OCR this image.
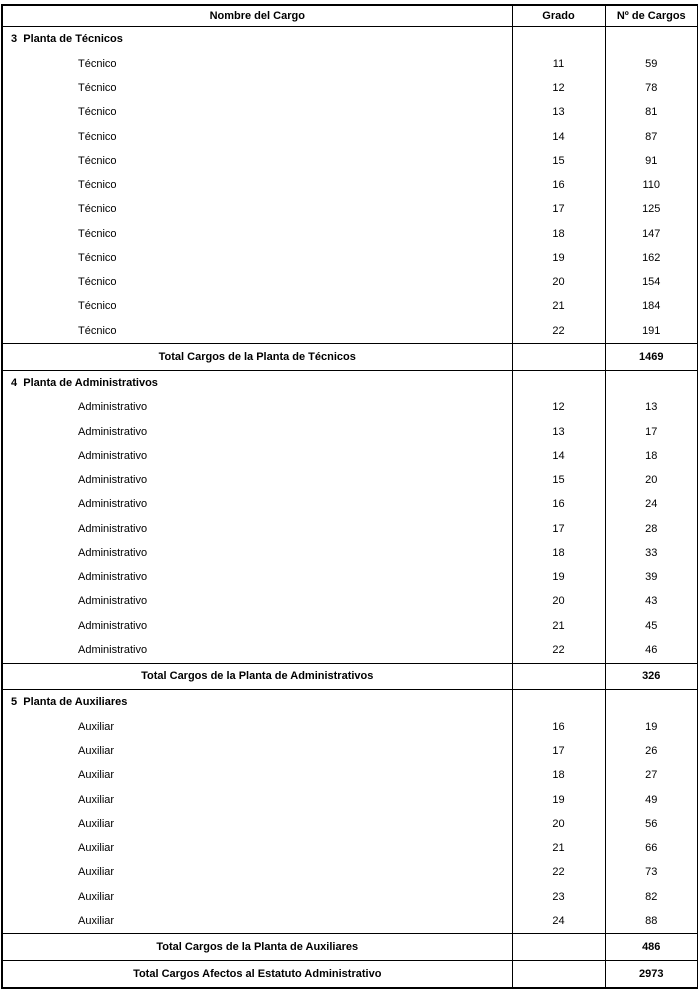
Nombre del Cargo	Grado	Nº de Cargos
3  Planta de Técnicos		
Técnico	11	59
Técnico	12	78
Técnico	13	81
Técnico	14	87
Técnico	15	91
Técnico	16	110
Técnico	17	125
Técnico	18	147
Técnico	19	162
Técnico	20	154
Técnico	21	184
Técnico	22	191
Total Cargos de la Planta de Técnicos		1469
4  Planta de Administrativos		
Administrativo	12	13
Administrativo	13	17
Administrativo	14	18
Administrativo	15	20
Administrativo	16	24
Administrativo	17	28
Administrativo	18	33
Administrativo	19	39
Administrativo	20	43
Administrativo	21	45
Administrativo	22	46
Total Cargos de la Planta de Administrativos		326
5  Planta de Auxiliares		
Auxiliar	16	19
Auxiliar	17	26
Auxiliar	18	27
Auxiliar	19	49
Auxiliar	20	56
Auxiliar	21	66
Auxiliar	22	73
Auxiliar	23	82
Auxiliar	24	88
Total Cargos de la Planta de Auxiliares		486
Total Cargos Afectos al Estatuto Administrativo		2973
